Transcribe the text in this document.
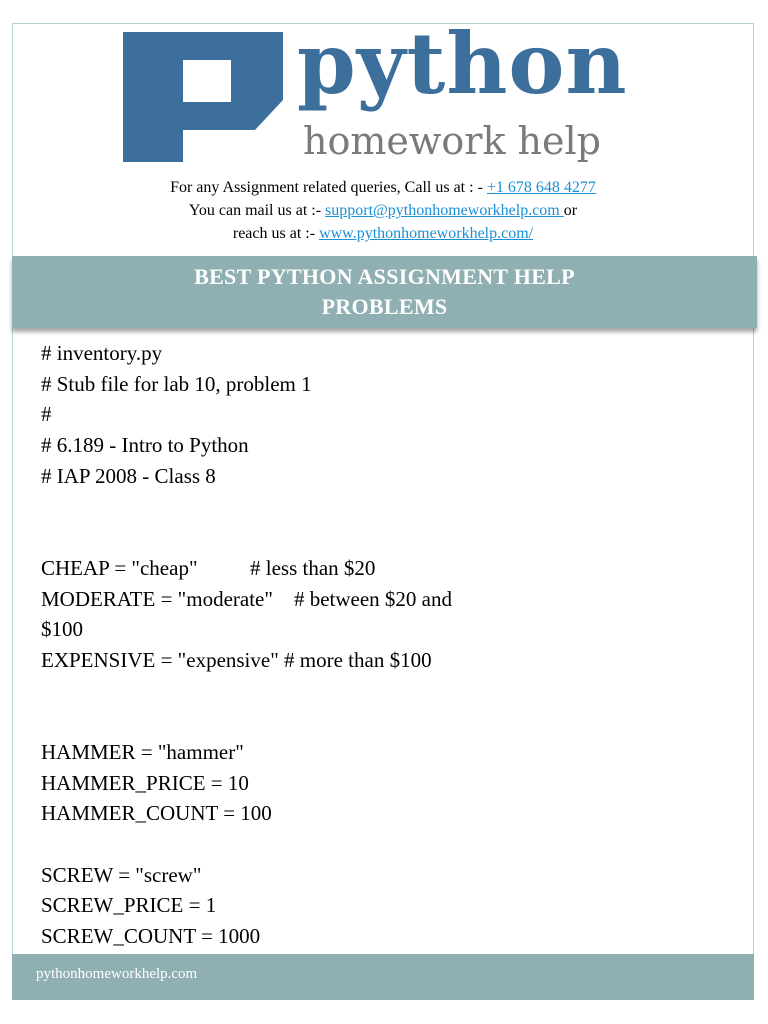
python
homework help
For any Assignment related queries, Call us at : - +1 678 648 4277
You can mail us at :- support@pythonhomeworkhelp.com or
reach us at :- www.pythonhomeworkhelp.com/
BEST PYTHON ASSIGNMENT HELP
PROBLEMS
# inventory.py
# Stub file for lab 10, problem 1
#
# 6.189 - Intro to Python
# IAP 2008 - Class 8
CHEAP = "cheap"          # less than $20
MODERATE = "moderate"    # between $20 and
$100
EXPENSIVE = "expensive" # more than $100
HAMMER = "hammer"
HAMMER_PRICE = 10
HAMMER_COUNT = 100
SCREW = "screw"
SCREW_PRICE = 1
SCREW_COUNT = 1000
pythonhomeworkhelp.com
